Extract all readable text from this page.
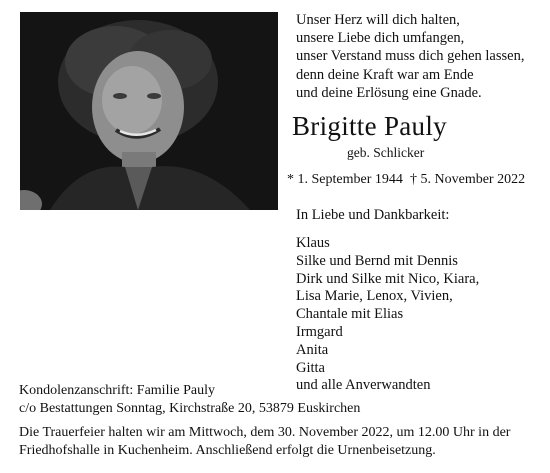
Unser Herz will dich halten,
unsere Liebe dich umfangen,
unser Verstand muss dich gehen lassen,
denn deine Kraft war am Ende
und deine Erlösung eine Gnade.
Brigitte Pauly
geb. Schlicker
* 1. September 1944 † 5. November 2022
In Liebe und Dankbarkeit:
Klaus
Silke und Bernd mit Dennis
Dirk und Silke mit Nico, Kiara,
Lisa Marie, Lenox, Vivien,
Chantale mit Elias
Irmgard
Anita
Gitta
und alle Anverwandten
Kondolenzanschrift: Familie Pauly
c/o Bestattungen Sonntag, Kirchstraße 20, 53879 Euskirchen
Die Trauerfeier halten wir am Mittwoch, dem 30. November 2022, um 12.00 Uhr in der
Friedhofshalle in Kuchenheim. Anschließend erfolgt die Urnenbeisetzung.
